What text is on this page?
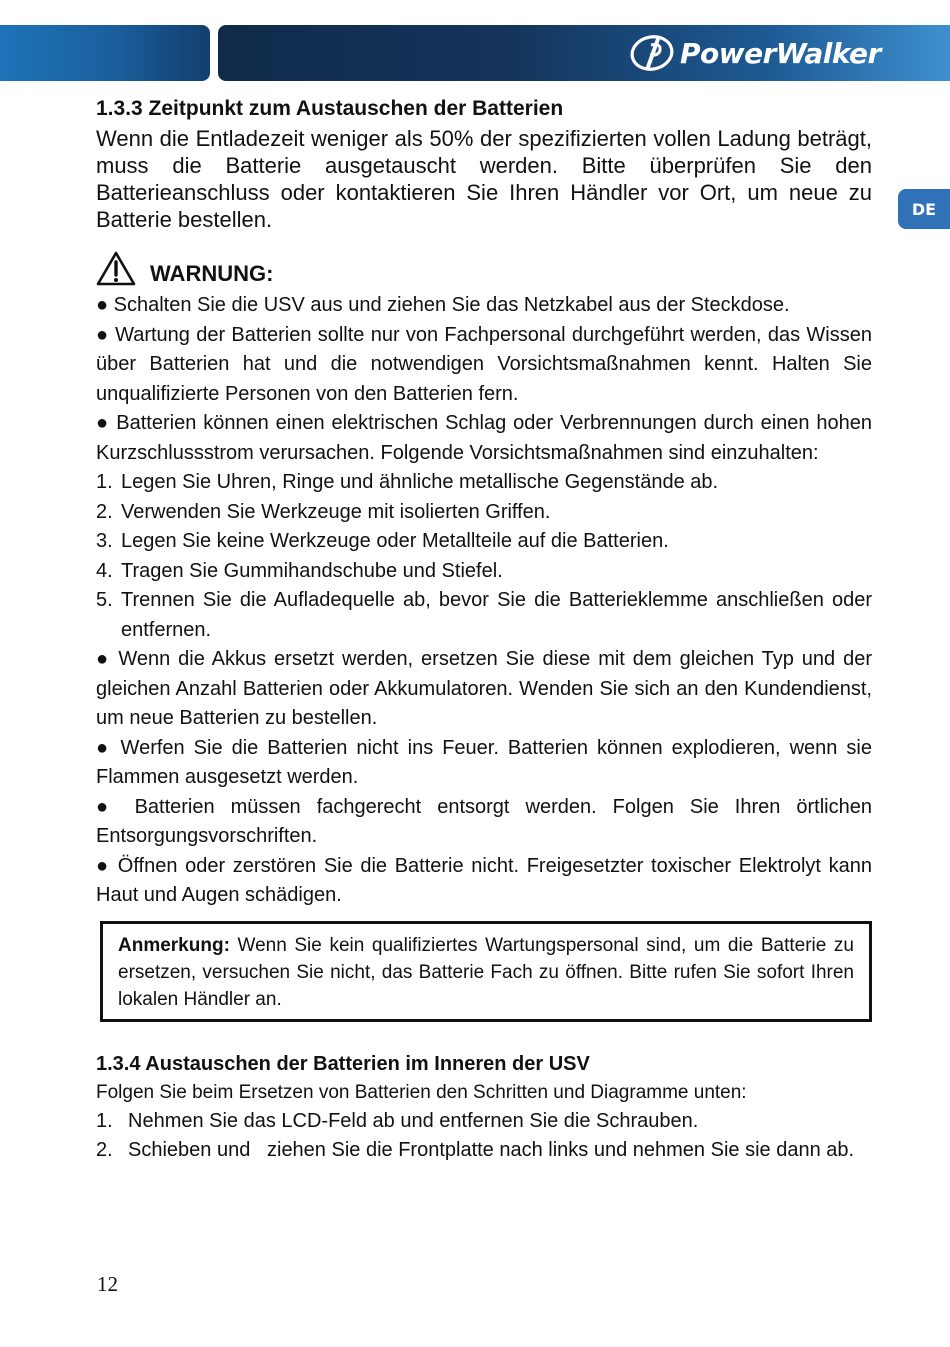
PowerWalker
DE
1.3.3 Zeitpunkt zum Austauschen der Batterien

Wenn die Entladezeit weniger als 50% der spezifizierten vollen Ladung beträgt, muss die Batterie ausgetauscht werden. Bitte überprüfen Sie den Batterieanschluss oder kontaktieren Sie Ihren Händler vor Ort, um neue zu Batterie bestellen.

WARNUNG:

● Schalten Sie die USV aus und ziehen Sie das Netzkabel aus der Steckdose.

● Wartung der Batterien sollte nur von Fachpersonal durchgeführt werden, das Wissen über Batterien hat und die notwendigen Vorsichtsmaßnahmen kennt. Halten Sie unqualifizierte Personen von den Batterien fern.

● Batterien können einen elektrischen Schlag oder Verbrennungen durch einen hohen Kurzschlussstrom verursachen. Folgende Vorsichtsmaßnahmen sind einzuhalten:

1. Legen Sie Uhren, Ringe und ähnliche metallische Gegenstände ab.
2. Verwenden Sie Werkzeuge mit isolierten Griffen.
3. Legen Sie keine Werkzeuge oder Metallteile auf die Batterien.
4. Tragen Sie Gummihandschube und Stiefel.
5. Trennen Sie die Aufladequelle ab, bevor Sie die Batterieklemme anschließen oder entfernen.

● Wenn die Akkus ersetzt werden, ersetzen Sie diese mit dem gleichen Typ und der gleichen Anzahl Batterien oder Akkumulatoren. Wenden Sie sich an den Kundendienst, um neue Batterien zu bestellen.

● Werfen Sie die Batterien nicht ins Feuer. Batterien können explodieren, wenn sie Flammen ausgesetzt werden.

● Batterien müssen fachgerecht entsorgt werden. Folgen Sie Ihren örtlichen Entsorgungsvorschriften.

● Öffnen oder zerstören Sie die Batterie nicht. Freigesetzter toxischer Elektrolyt kann Haut und Augen schädigen.

Anmerkung: Wenn Sie kein qualifiziertes Wartungspersonal sind, um die Batterie zu ersetzen, versuchen Sie nicht, das Batterie Fach zu öffnen. Bitte rufen Sie sofort Ihren lokalen Händler an.
1.3.4 Austauschen der Batterien im Inneren der USV

Folgen Sie beim Ersetzen von Batterien den Schritten und Diagramme unten:

1. Nehmen Sie das LCD-Feld ab und entfernen Sie die Schrauben.
2. Schieben und   ziehen Sie die Frontplatte nach links und nehmen Sie sie dann ab.
12
